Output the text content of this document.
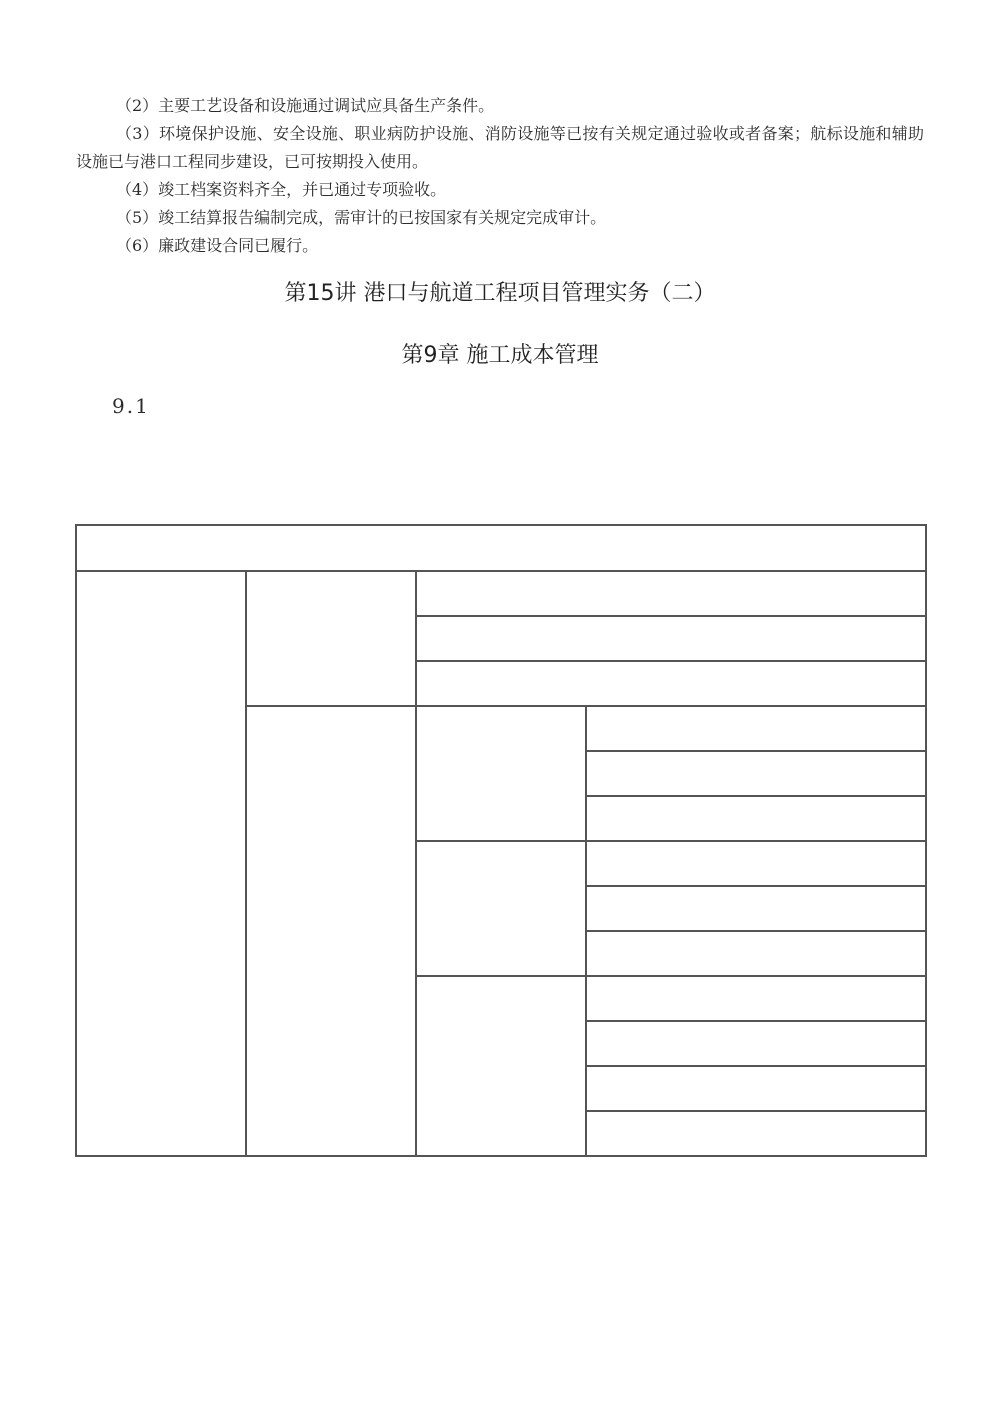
（2）主要工艺设备和设施通过调试应具备生产条件。

（3）环境保护设施、安全设施、职业病防护设施、消防设施等已按有关规定通过验收或者备案；航标设施和辅助设施已与港口工程同步建设，已可按期投入使用。

（4）竣工档案资料齐全，并已通过专项验收。

（5）竣工结算报告编制完成，需审计的已按国家有关规定完成审计。

（6）廉政建设合同已履行。

第15讲 港口与航道工程项目管理实务（二）
第9章 施工成本管理

9.1
